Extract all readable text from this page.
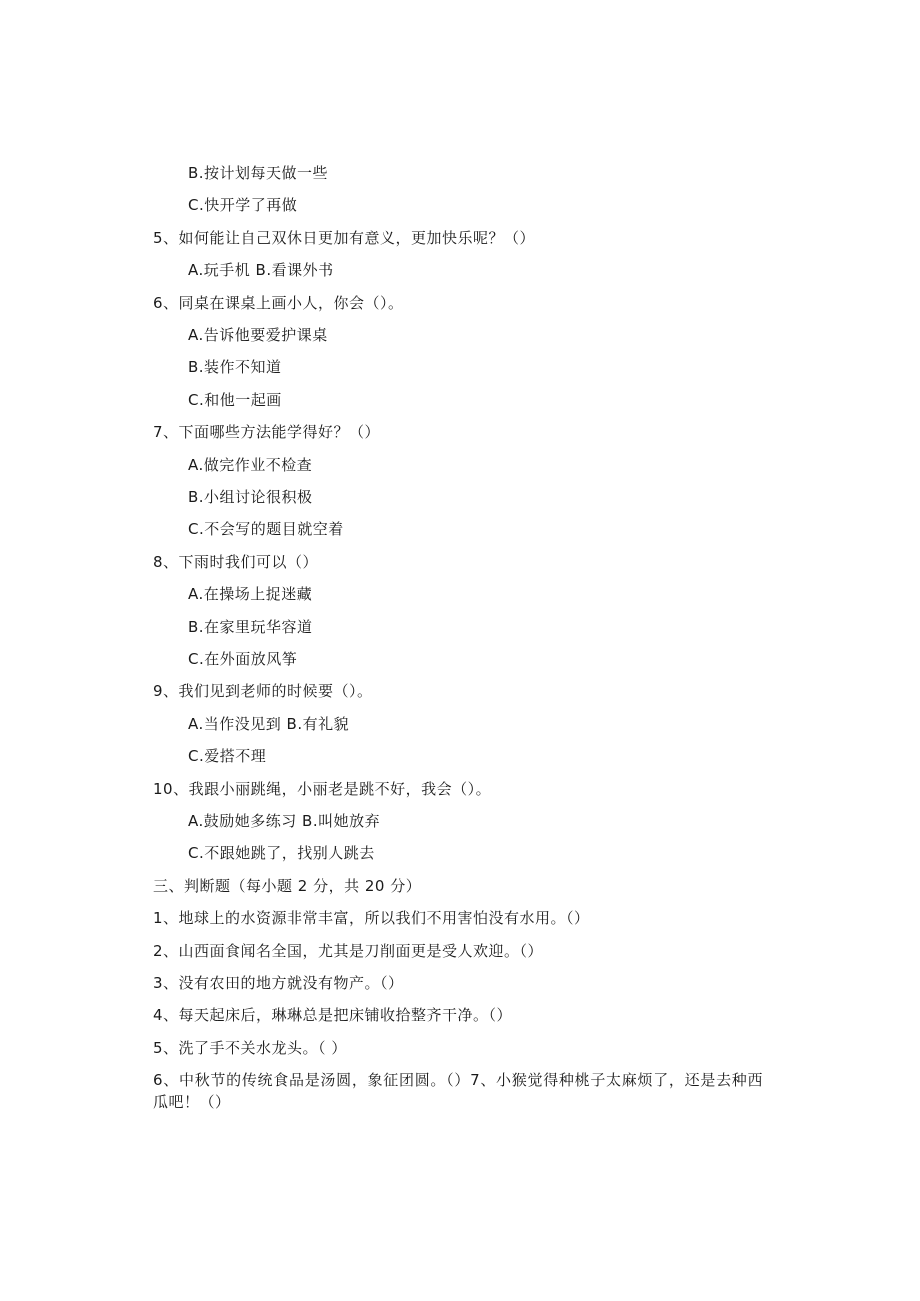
B.按计划每天做一些
C.快开学了再做
5、如何能让自己双休日更加有意义，更加快乐呢？（）
A.玩手机 B.看课外书
6、同桌在课桌上画小人，你会（）。
A.告诉他要爱护课桌
B.装作不知道
C.和他一起画
7、下面哪些方法能学得好？（）
A.做完作业不检查
B.小组讨论很积极
C.不会写的题目就空着
8、下雨时我们可以（）
A.在操场上捉迷藏
B.在家里玩华容道
C.在外面放风筝
9、我们见到老师的时候要（）。
A.当作没见到 B.有礼貌
C.爱搭不理
10、我跟小丽跳绳，小丽老是跳不好，我会（）。
A.鼓励她多练习 B.叫她放弃
C.不跟她跳了，找别人跳去
三、判断题（每小题 2 分，共 20 分）
1、地球上的水资源非常丰富，所以我们不用害怕没有水用。（）
2、山西面食闻名全国，尤其是刀削面更是受人欢迎。（）
3、没有农田的地方就没有物产。（）
4、每天起床后，琳琳总是把床铺收拾整齐干净。（）
5、洗了手不关水龙头。（ ）
6、中秋节的传统食品是汤圆，象征团圆。（）7、小猴觉得种桃子太麻烦了，还是去种西瓜吧！（）
